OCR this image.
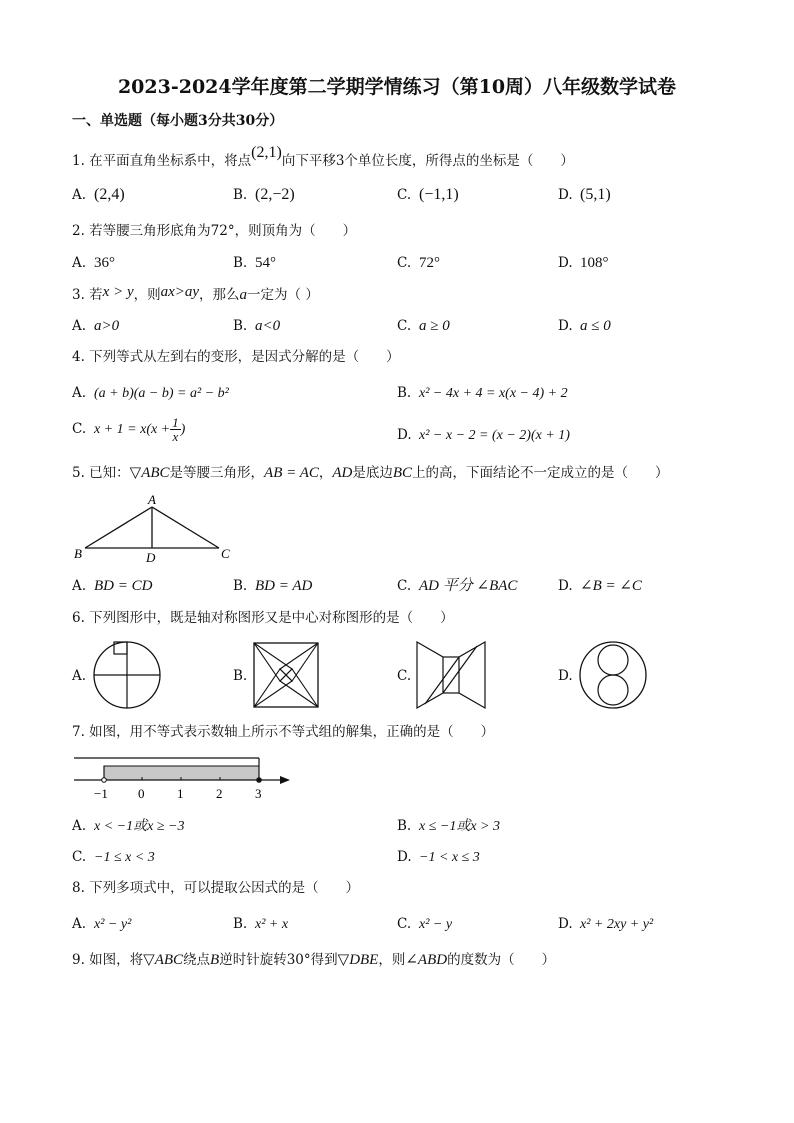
2023-2024学年度第二学期学情练习（第10周）八年级数学试卷
一、单选题（每小题3分共30分）
1. 在平面直角坐标系中，将点(2,1)向下平移3个单位长度，所得点的坐标是（　　）
A. (2,4)	B. (2,−2)	C. (−1,1)	D. (5,1)
2. 若等腰三角形底角为72°，则顶角为（　　）
A. 36°	B. 54°	C. 72°	D. 108°
3. 若x > y，则ax>ay，那么a一定为（ ）
A. a>0	B. a<0	C. a ≥ 0	D. a ≤ 0
4. 下列等式从左到右的变形，是因式分解的是（　　）
A. (a + b)(a − b) = a² − b²	B. x² − 4x + 4 = x(x − 4) + 2
C. $x + 1 = x(x + \frac{1}{x}$ )	D. x² − x − 2 = (x − 2)(x + 1)
5. 已知：▽ABC是等腰三角形，AB = AC，AD是底边BC上的高，下面结论不一定成立的是（　　）
A
B	D	C
A. BD = CD	B. BD = AD	C. AD 平分 ∠BAC	D. ∠B = ∠C
6. 下列图形中，既是轴对称图形又是中心对称图形的是（　　）
A.	B.	C.	D.
7. 如图，用不等式表示数轴上所示不等式组的解集，正确的是（　　）
−1 0	1	2	3
A. x < −1或x ≥ −3	B. x ≤ −1或x > 3
C. −1 ≤ x < 3	D. −1 < x ≤ 3
8. 下列多项式中，可以提取公因式的是（　　）
A. x² − y²	B. x² + x	C. x² − y	D. x² + 2xy + y²
9. 如图，将▽ABC绕点B逆时针旋转30°得到▽DBE，则∠ABD的度数为（　　）
